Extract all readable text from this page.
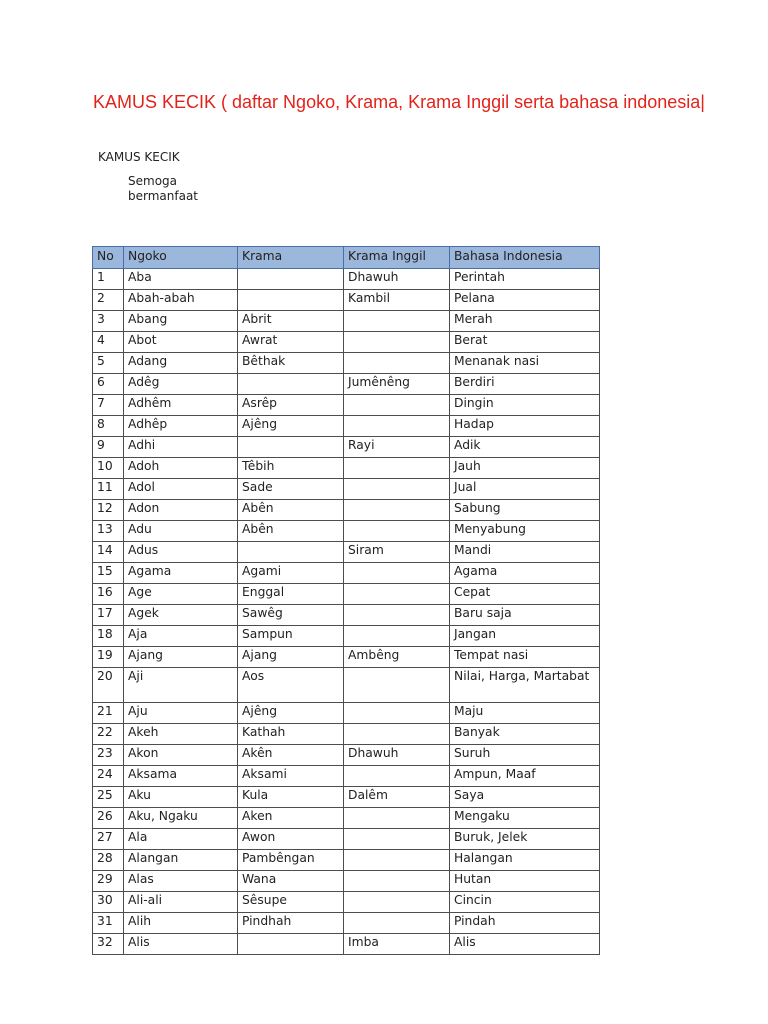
KAMUS KECIK ( daftar Ngoko, Krama, Krama Inggil serta bahasa indonesia|
KAMUS KECIK
Semoga bermanfaat
No	Ngoko	Krama	Krama Inggil	Bahasa Indonesia
1	Aba		Dhawuh	Perintah
2	Abah-abah		Kambil	Pelana
3	Abang	Abrit		Merah
4	Abot	Awrat		Berat
5	Adang	Bêthak		Menanak nasi
6	Adêg		Jumênêng	Berdiri
7	Adhêm	Asrêp		Dingin
8	Adhêp	Ajêng		Hadap
9	Adhi		Rayi	Adik
10	Adoh	Têbih		Jauh
11	Adol	Sade		Jual
12	Adon	Abên		Sabung
13	Adu	Abên		Menyabung
14	Adus		Siram	Mandi
15	Agama	Agami		Agama
16	Age	Enggal		Cepat
17	Agek	Sawêg		Baru saja
18	Aja	Sampun		Jangan
19	Ajang	Ajang	Ambêng	Tempat nasi
20	Aji	Aos		Nilai, Harga, Martabat
21	Aju	Ajêng		Maju
22	Akeh	Kathah		Banyak
23	Akon	Akên	Dhawuh	Suruh
24	Aksama	Aksami		Ampun, Maaf
25	Aku	Kula	Dalêm	Saya
26	Aku, Ngaku	Aken		Mengaku
27	Ala	Awon		Buruk, Jelek
28	Alangan	Pambêngan		Halangan
29	Alas	Wana		Hutan
30	Ali-ali	Sêsupe		Cincin
31	Alih	Pindhah		Pindah
32	Alis		Imba	Alis
